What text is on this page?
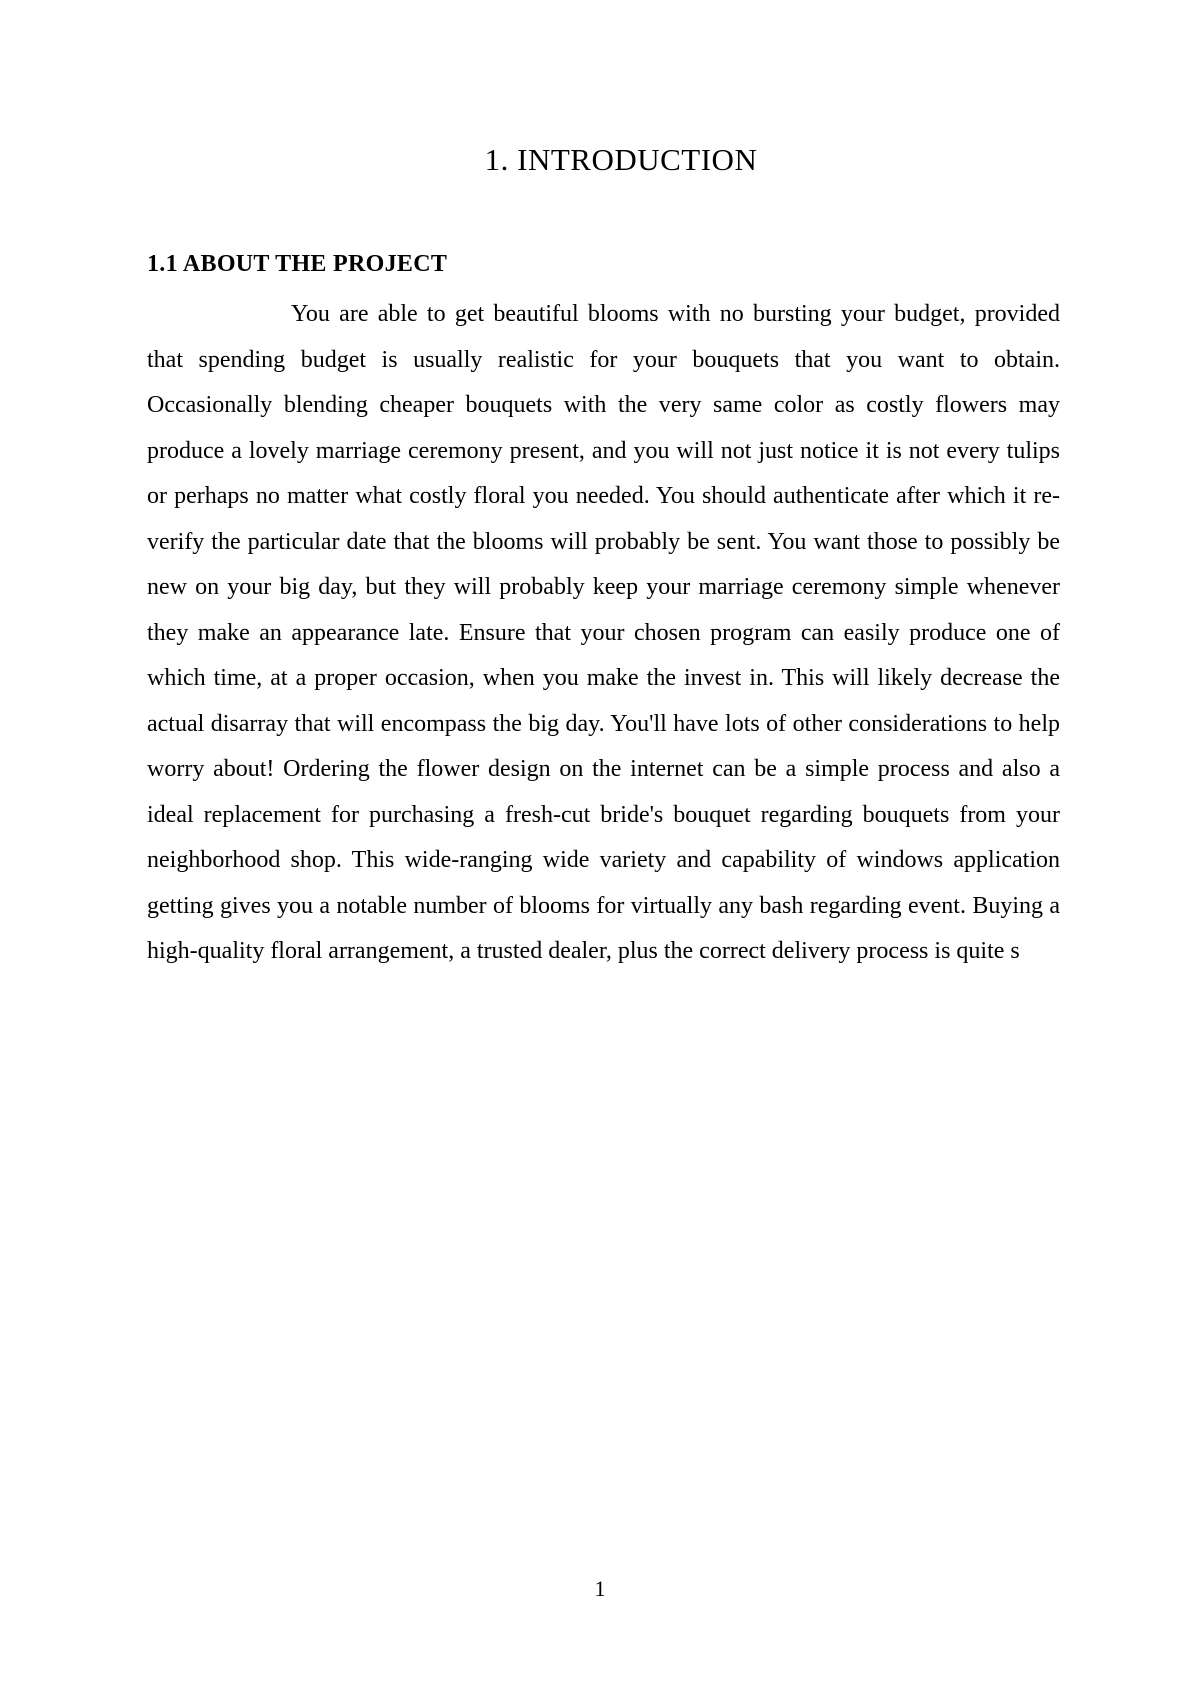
1. INTRODUCTION
1.1 ABOUT THE PROJECT

You are able to get beautiful blooms with no bursting your budget, provided that spending budget is usually realistic for your bouquets that you want to obtain. Occasionally blending cheaper bouquets with the very same color as costly flowers may produce a lovely marriage ceremony present, and you will not just notice it is not every tulips or perhaps no matter what costly floral you needed. You should authenticate after which it re-verify the particular date that the blooms will probably be sent. You want those to possibly be new on your big day, but they will probably keep your marriage ceremony simple whenever they make an appearance late. Ensure that your chosen program can easily produce one of which time, at a proper occasion, when you make the invest in. This will likely decrease the actual disarray that will encompass the big day. You'll have lots of other considerations to help worry about! Ordering the flower design on the internet can be a simple process and also a ideal replacement for purchasing a fresh-cut bride's bouquet regarding bouquets from your neighborhood shop. This wide-ranging wide variety and capability of windows application getting gives you a notable number of blooms for virtually any bash regarding event. Buying a high-quality floral arrangement, a trusted dealer, plus the correct delivery process is quite s

1
